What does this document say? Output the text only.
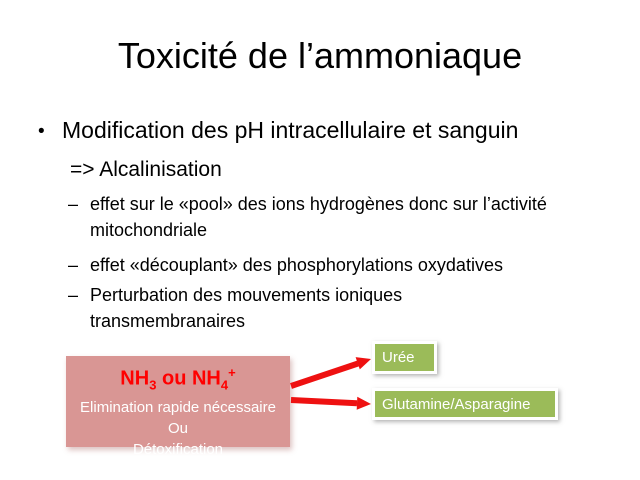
Toxicité de l’ammoniaque
• Modification des pH intracellulaire et sanguin
=> Alcalinisation
– effet sur le «pool» des ions hydrogènes donc sur l’activité
mitochondriale
– effet «découplant» des phosphorylations oxydatives
– Perturbation des mouvements ioniques
transmembranaires
$NH_3$ ou $NH_4^+$
Elimination rapide nécessaire
Ou
Détoxification
Urée
Glutamine/Asparagine
